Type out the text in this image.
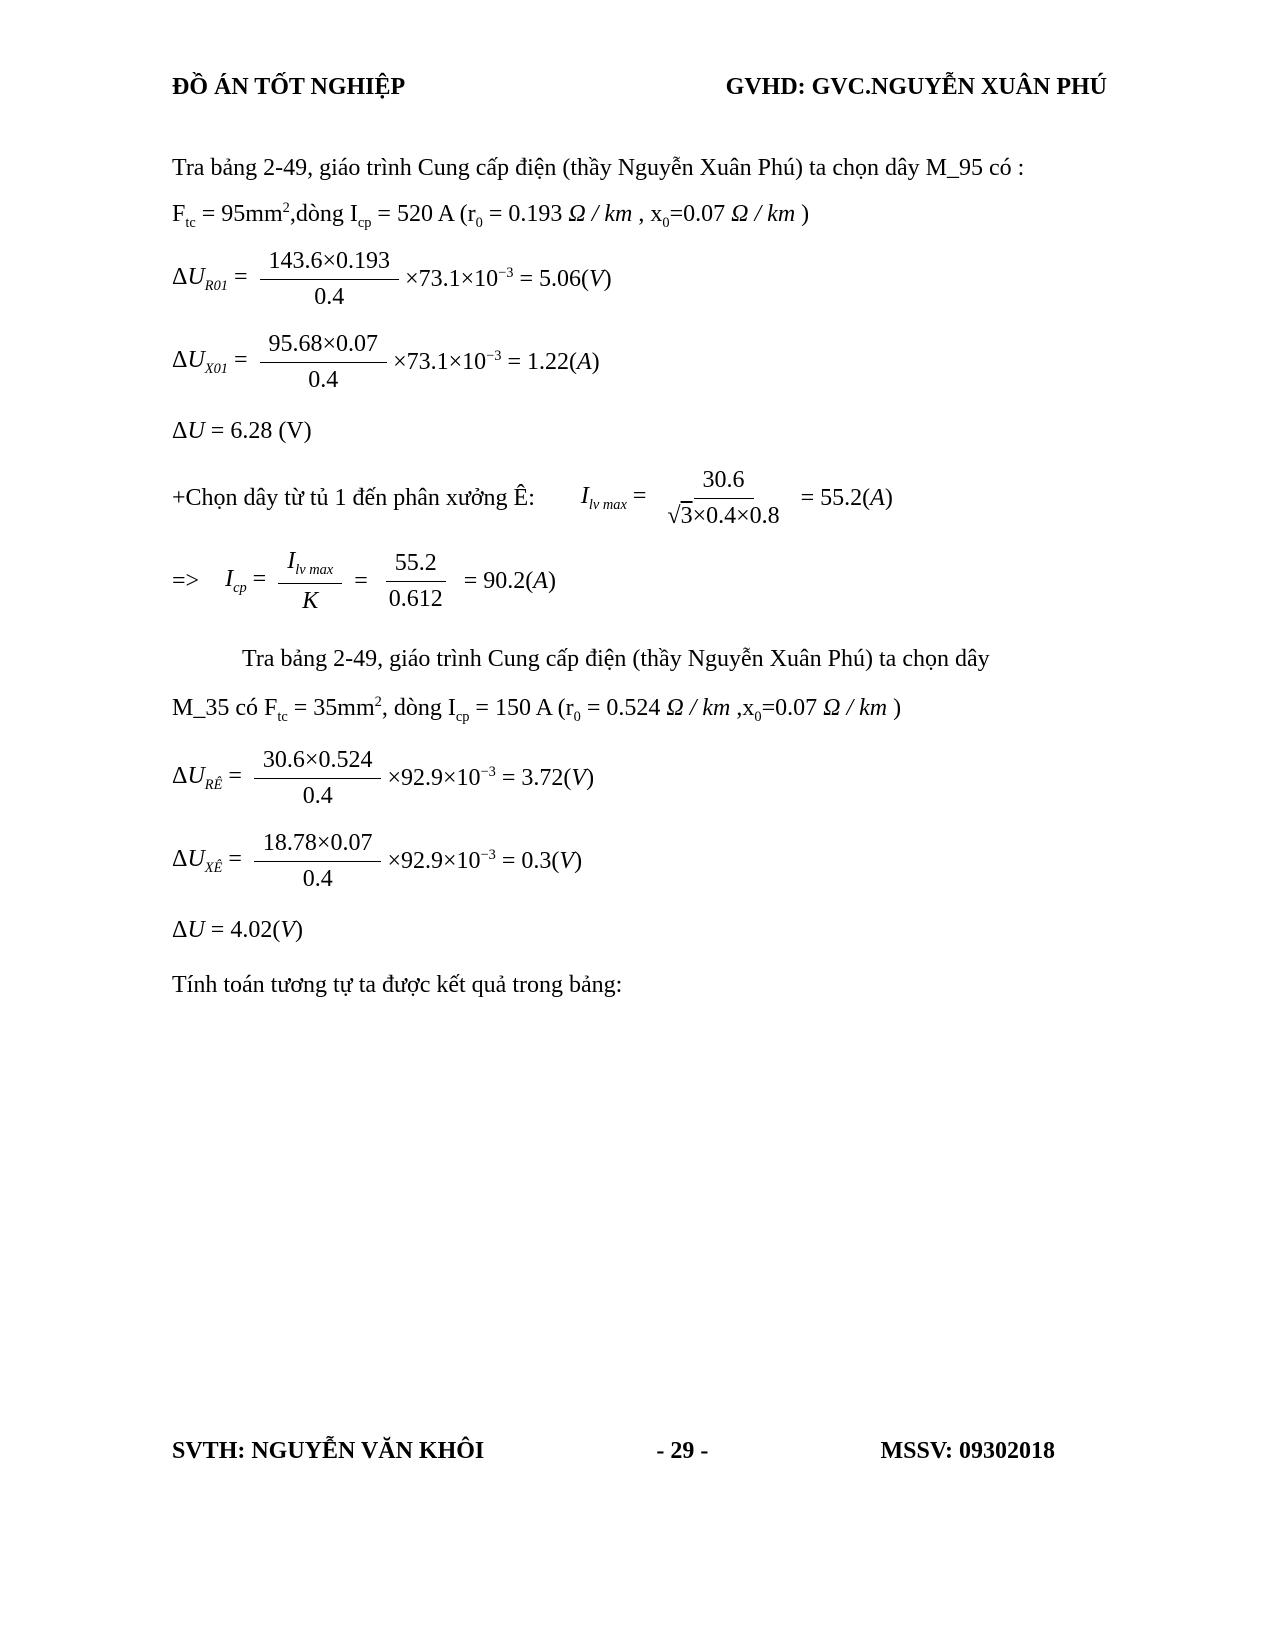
ĐỒ ÁN TỐT NGHIỆP	GVHD: GVC.NGUYỄN XUÂN PHÚ
Tra bảng 2-49, giáo trình Cung cấp điện (thầy Nguyễn Xuân Phú) ta chọn dây M_95 có :
$F_{tc}$ = $95mm^2,dòng$ $I_{cp} = 520$ A ($r_0 = 0.193$ Ω / km , $x_0=0.07$ Ω / km )
$\Delta U_{R01} = \frac{143.6\times 0.193}{0.4} \times 73.1\times 10^{-3} = 5.06(V)$
$\Delta U_{X01} = \frac{95.68\times 0.07}{0.4} \times 73.1\times 10^{-3} = 1.22(A)$
ΔU = 6.28 (V)
+Chọn dây từ tủ 1 đến phân xưởng Ê: $I_{lv max} = \frac{30.6}{√3\times 0.4\times 0.8} = 55.2(A)$
=> $I_{cp} = \frac{I_{lv max}}{K} = \frac{55.2}{0.612} = 90.2(A)$
Tra bảng 2-49, giáo trình Cung cấp điện (thầy Nguyễn Xuân Phú) ta chọn dây
M_35 có $F_{tc} = 35mm^2$, dòng $I_{cp} = 150$ A ($r_0 = 0.524$ Ω / km $,x_0=0.07$ Ω / km )
$\Delta U_{RÊ} = \frac{30.6\times 0.524}{0.4} \times 92.9\times 10^{-3} = 3.72(V)$
$\Delta U_{XÊ} = \frac{18.78\times 0.07}{0.4} \times 92.9\times 10^{-3} = 0.3(V)$
ΔU = 4.02(V)
Tính toán tương tự ta được kết quả trong bảng:
SVTH: NGUYỄN VĂN KHÔI	- 29 -	MSSV: 09302018
